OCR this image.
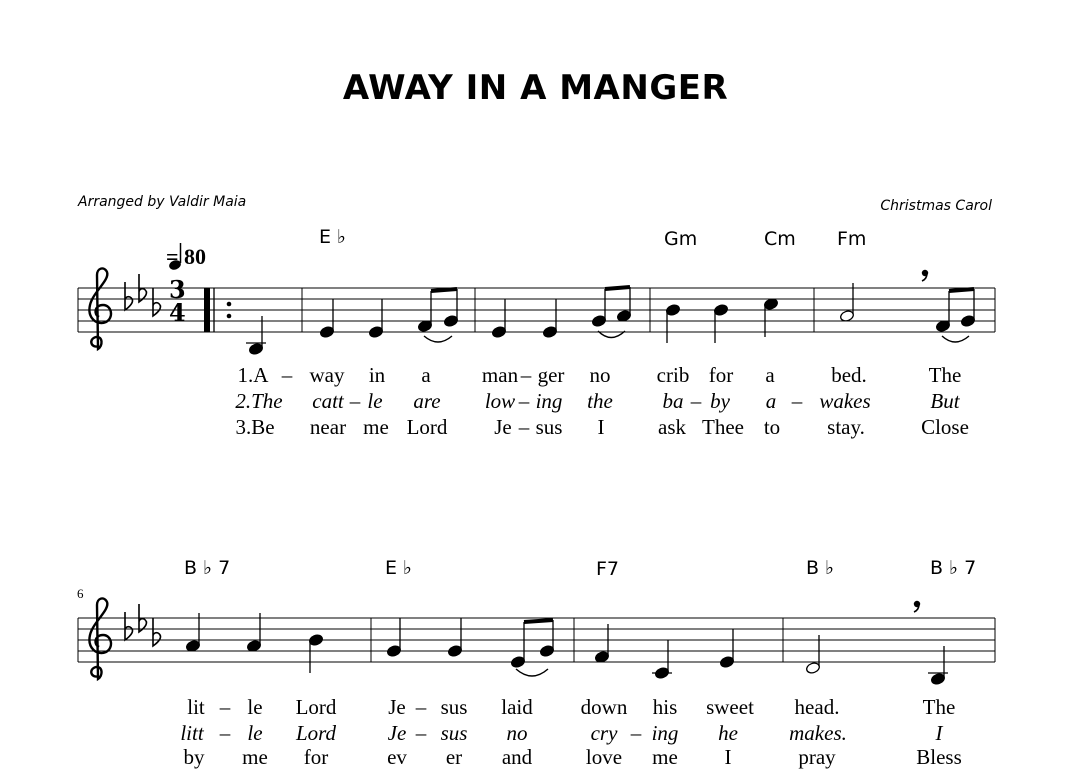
AWAY IN A MANGER
Arranged by Valdir Maia	Christmas Carol
3
4
= 80
6
E ♭	Gm	Cm Fm
B ♭ 7	E ♭	F7	B ♭	B ♭ 7
1.A – way in a man – ger no crib for a	bed.	The
2.The catt – le are low – ing the ba – by a – wakes	But
3.Be near me Lord Je – sus I	ask Thee to stay.	Close
lit – le Lord Je – sus laid down his sweet head.	The
litt – le Lord Je – sus no	cry – ing he makes.	I
by me for	ev er and	love me I	pray	Bless
